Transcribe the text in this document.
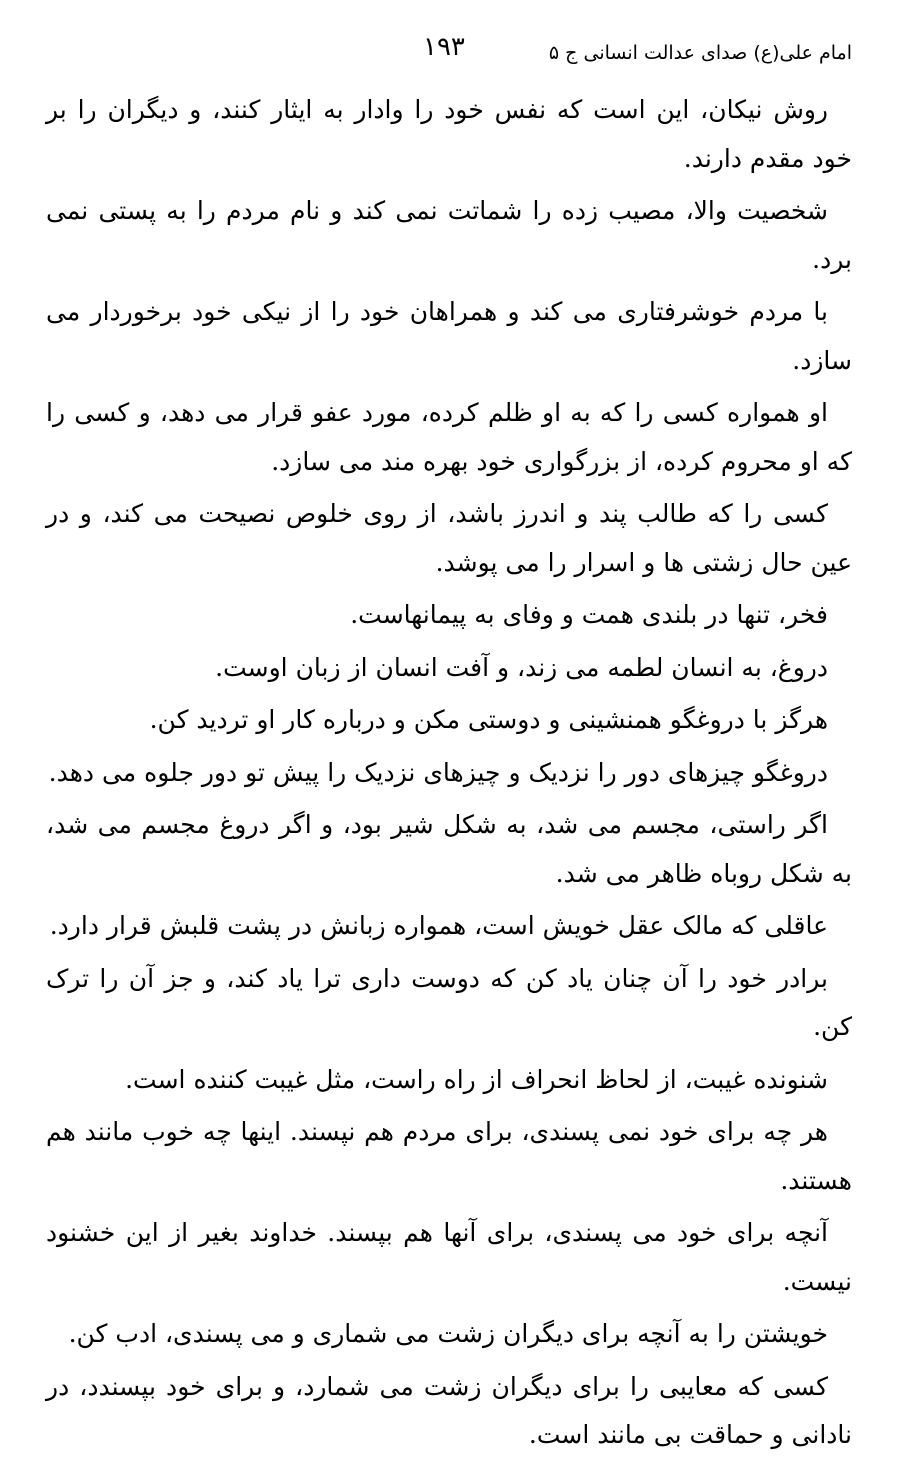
امام علی(ع) صدای عدالت انسانی ج ۵
۱۹۳

روش نیکان، این است که نفس خود را وادار به ایثار کنند، و دیگران را بر خود مقدم دارند.

شخصیت والا، مصیب زده را شماتت نمی کند و نام مردم را به پستی نمی برد.

با مردم خوشرفتاری می کند و همراهان خود را از نیکی خود برخوردار می سازد.

او همواره کسی را که به او ظلم کرده، مورد عفو قرار می دهد، و کسی را که او محروم کرده، از بزرگواری خود بهره مند می سازد.

کسی را که طالب پند و اندرز باشد، از روی خلوص نصیحت می کند، و در عین حال زشتی ها و اسرار را می پوشد.

فخر، تنها در بلندی همت و وفای به پیمانهاست.

دروغ، به انسان لطمه می زند، و آفت انسان از زبان اوست.

هرگز با دروغگو همنشینی و دوستی مکن و درباره کار او تردید کن.

دروغگو چیزهای دور را نزدیک و چیزهای نزدیک را پیش تو دور جلوه می دهد.

اگر راستی، مجسم می شد، به شکل شیر بود، و اگر دروغ مجسم می شد، به شکل روباه ظاهر می شد.

عاقلی که مالک عقل خویش است، همواره زبانش در پشت قلبش قرار دارد.

برادر خود را آن چنان یاد کن که دوست داری ترا یاد کند، و جز آن را ترک کن.

شنونده غیبت، از لحاظ انحراف از راه راست، مثل غیبت کننده است.

هر چه برای خود نمی پسندی، برای مردم هم نپسند. اینها چه خوب مانند هم هستند.

آنچه برای خود می پسندی، برای آنها هم بپسند. خداوند بغیر از این خشنود نیست.

خویشتن را به آنچه برای دیگران زشت می شماری و می پسندی، ادب کن.

کسی که معایبی را برای دیگران زشت می شمارد، و برای خود بپسندد، در نادانی و حماقت بی مانند است.
